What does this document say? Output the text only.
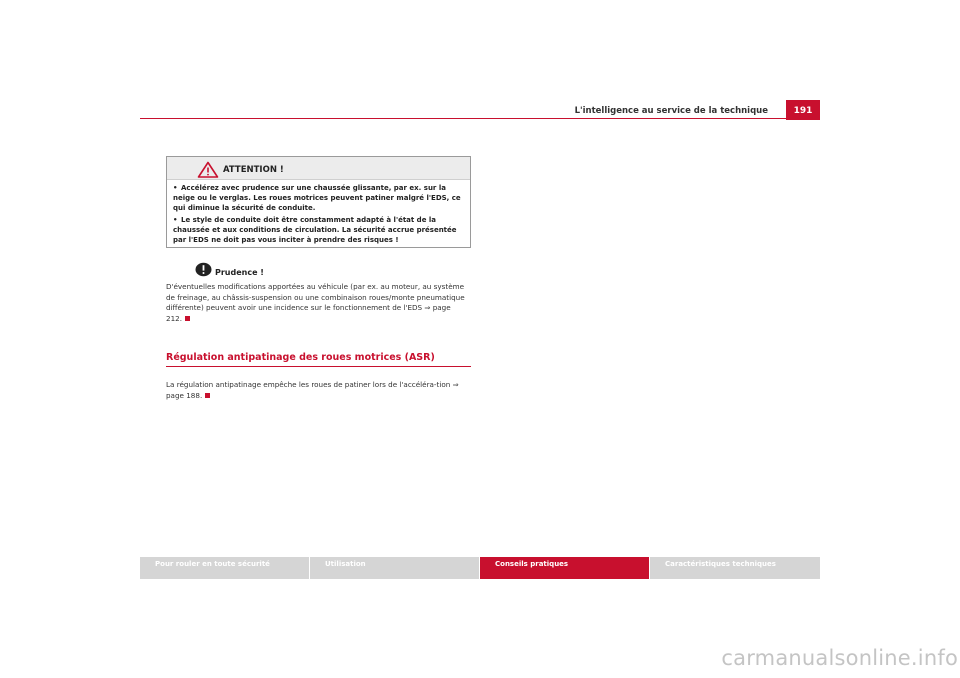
L'intelligence au service de la technique	191
ATTENTION !

• Accélérez avec prudence sur une chaussée glissante, par ex. sur la neige ou le verglas. Les roues motrices peuvent patiner malgré l'EDS, ce qui diminue la sécurité de conduite.

• Le style de conduite doit être constamment adapté à l'état de la chaussée et aux conditions de circulation. La sécurité accrue présentée par l'EDS ne doit pas vous inciter à prendre des risques !

Prudence !

D'éventuelles modifications apportées au véhicule (par ex. au moteur, au système de freinage, au châssis-suspension ou une combinaison roues/monte pneumatique différente) peuvent avoir une incidence sur le fonctionnement de l'EDS ⇒ page 212.

Régulation antipatinage des roues motrices (ASR)

La régulation antipatinage empêche les roues de patiner lors de l'accéléra-tion ⇒ page 188.

Pour rouler en toute sécurité	Utilisation	Conseils pratiques	Caractéristiques techniques
carmanualsonline.info
